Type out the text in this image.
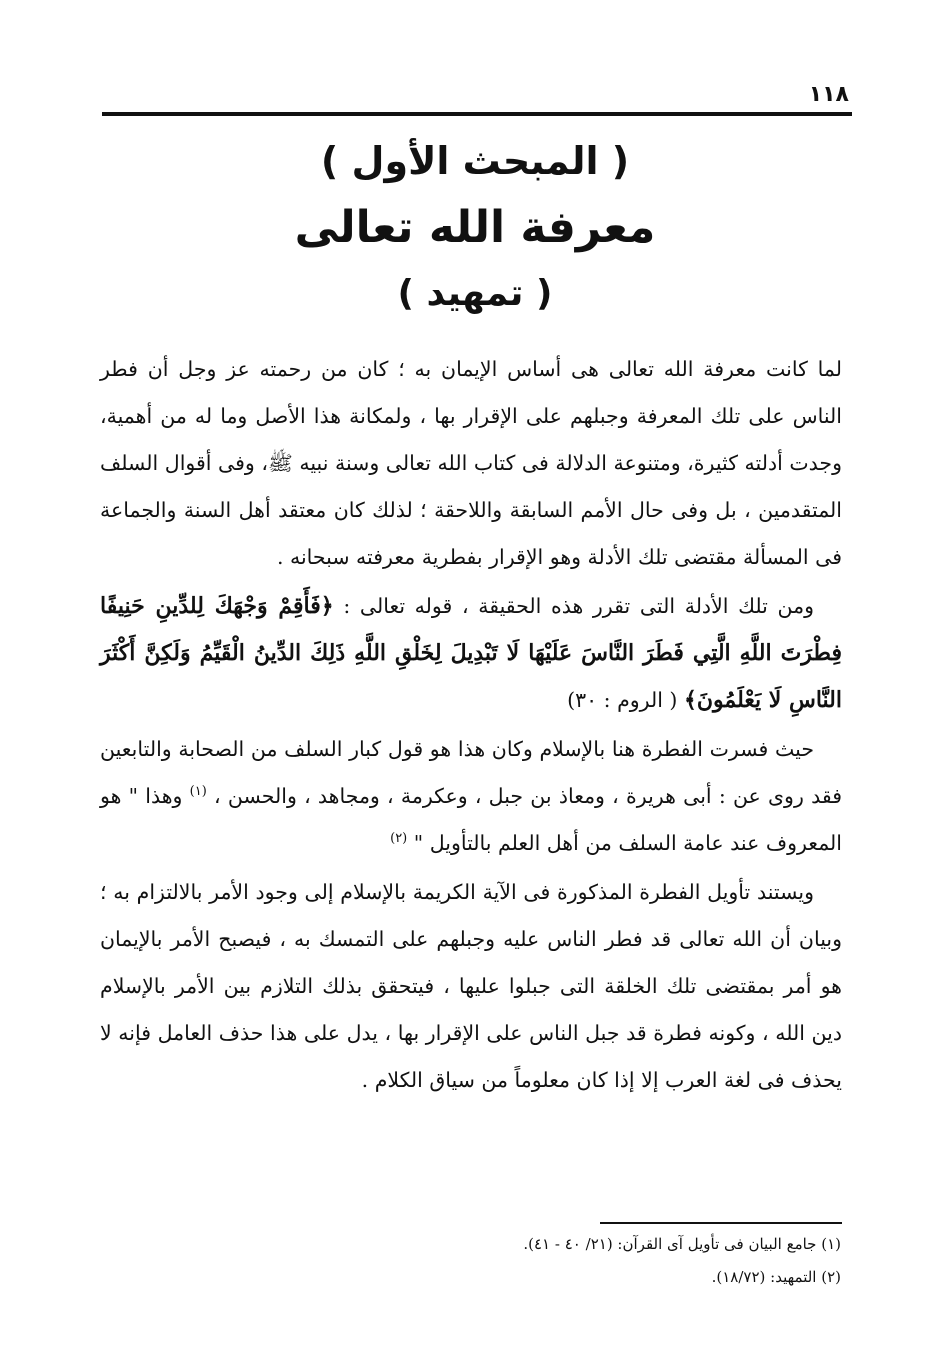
١١٨
( المبحث الأول )
معرفة الله تعالى
( تمهيد )

لما كانت معرفة الله تعالى هى أساس الإيمان به ؛ كان من رحمته عز وجل أن فطر الناس على تلك المعرفة وجبلهم على الإقرار بها ، ولمكانة هذا الأصل وما له من أهمية، وجدت أدلته كثيرة، ومتنوعة الدلالة فى كتاب الله تعالى وسنة نبيه ﷺ، وفى أقوال السلف المتقدمين ، بل وفى حال الأمم السابقة واللاحقة ؛ لذلك كان معتقد أهل السنة والجماعة فى المسألة مقتضى تلك الأدلة وهو الإقرار بفطرية معرفته سبحانه .

ومن تلك الأدلة التى تقرر هذه الحقيقة ، قوله تعالى : ﴿فَأَقِمْ وَجْهَكَ لِلدِّينِ حَنِيفًا فِطْرَتَ اللَّهِ الَّتِي فَطَرَ النَّاسَ عَلَيْهَا لَا تَبْدِيلَ لِخَلْقِ اللَّهِ ذَلِكَ الدِّينُ الْقَيِّمُ وَلَكِنَّ أَكْثَرَ النَّاسِ لَا يَعْلَمُونَ﴾ ( الروم : ٣٠)

حيث فسرت الفطرة هنا بالإسلام وكان هذا هو قول كبار السلف من الصحابة والتابعين فقد روى عن : أبى هريرة ، ومعاذ بن جبل ، وعكرمة ، ومجاهد ، والحسن ، $^{(١)}$ وهذا " هو المعروف عند عامة السلف من أهل العلم بالتأويل " $^{(٢)}$

ويستند تأويل الفطرة المذكورة فى الآية الكريمة بالإسلام إلى وجود الأمر بالالتزام به ؛ وبيان أن الله تعالى قد فطر الناس عليه وجبلهم على التمسك به ، فيصبح الأمر بالإيمان هو أمر بمقتضى تلك الخلقة التى جبلوا عليها ، فيتحقق بذلك التلازم بين الأمر بالإسلام دين الله ، وكونه فطرة قد جبل الناس على الإقرار بها ، يدل على هذا حذف العامل فإنه لا يحذف فى لغة العرب إلا إذا كان معلوماً من سياق الكلام .

(١) جامع البيان فى تأويل آى القرآن: (٢١/ ٤٠ - ٤١).
(٢) التمهيد: (١٨/٧٢).
